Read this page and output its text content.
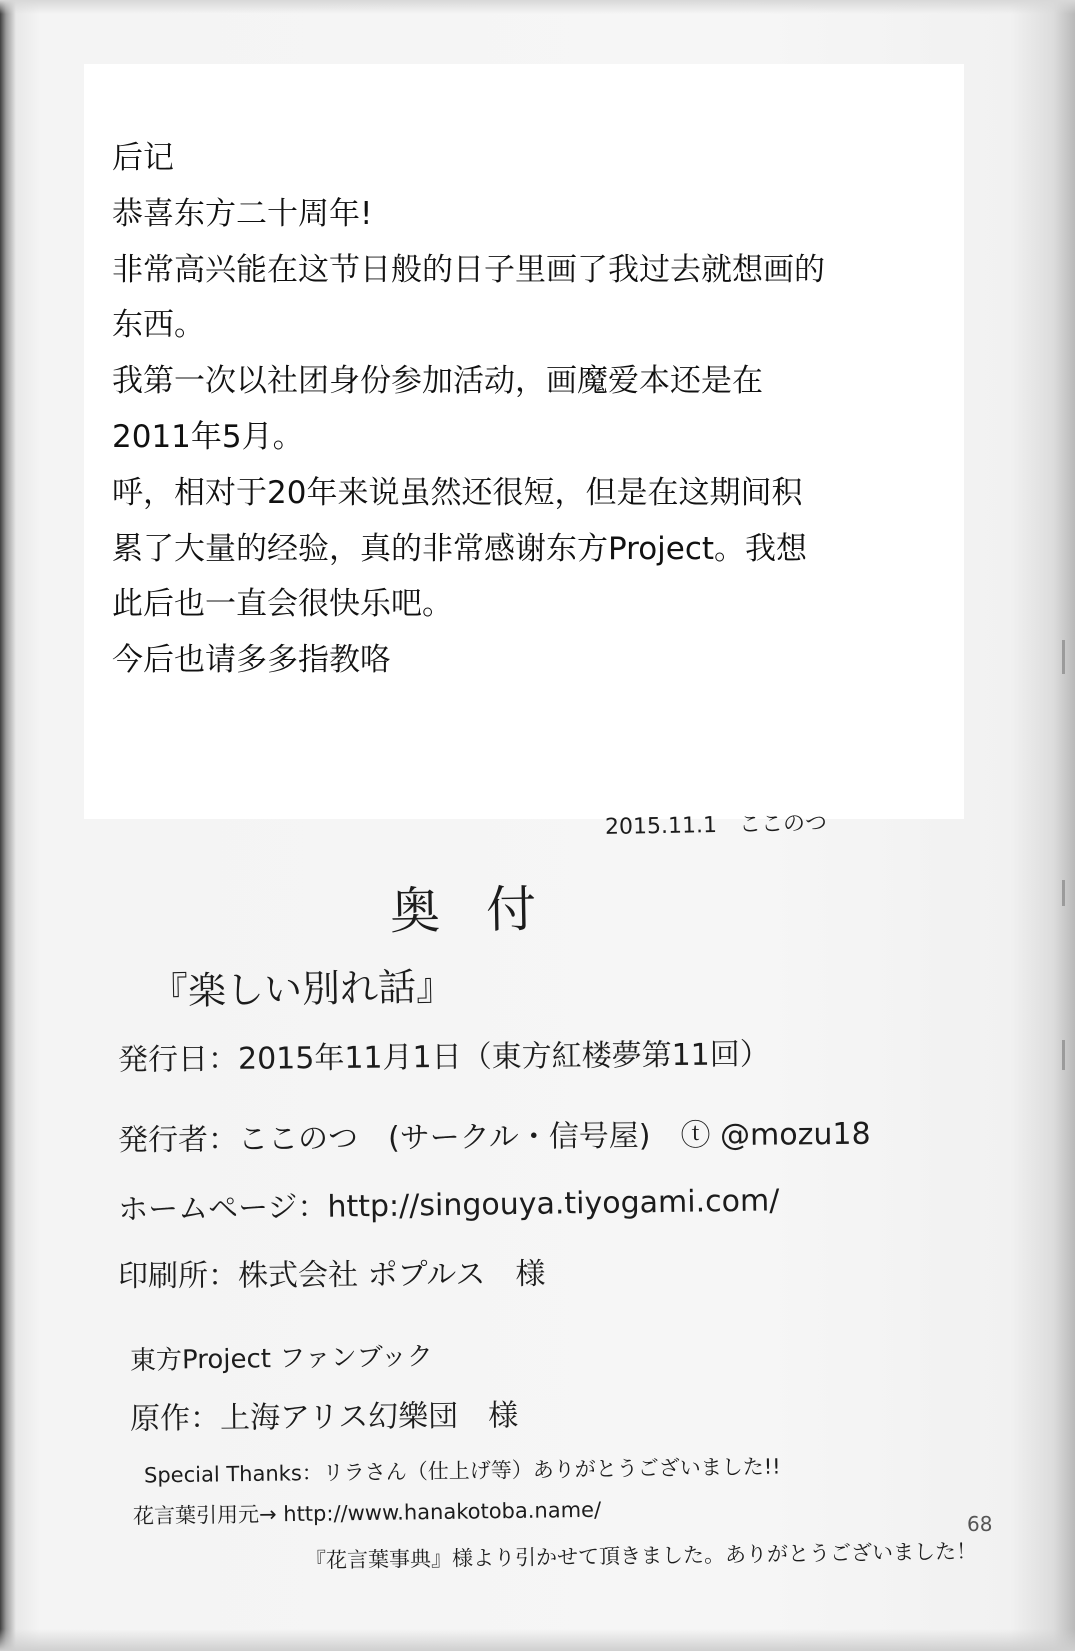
后记

恭喜东方二十周年!

非常高兴能在这节日般的日子里画了我过去就想画的

东西。

我第一次以社团身份参加活动，画魔爱本还是在

2011年5月。

呼，相对于20年来说虽然还很短，但是在这期间积

累了大量的经验，真的非常感谢东方Project。我想

此后也一直会很快乐吧。

今后也请多多指教咯

2015.11.1　ここのつ

奥付

『楽しい別れ話』

発行日：2015年11月1日（東方紅楼夢第11回）

発行者：ここのつ　(サークル・信号屋)　ⓣ @mozu18

ホームページ：http://singouya.tiyogami.com/

印刷所：株式会社 ポプルス　様

東方Project ファンブック

原作：上海アリス幻樂団　様

Special Thanks：リラさん（仕上げ等）ありがとうございました!!

花言葉引用元→ http://www.hanakotoba.name/

『花言葉事典』様より引かせて頂きました。ありがとうございました！

68
